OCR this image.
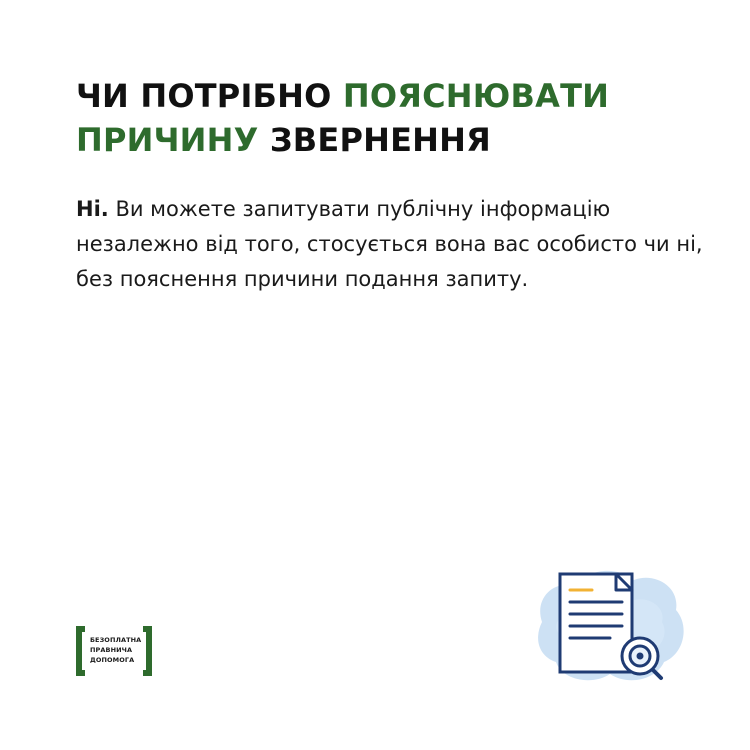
ЧИ ПОТРІБНО ПОЯСНЮВАТИ
ПРИЧИНУ ЗВЕРНЕННЯ

Ні. Ви можете запитувати публічну інформацію незалежно від того, стосується вона вас особисто чи ні, без пояснення причини подання запиту.

БЕЗОПЛАТНА
ПРАВНИЧА
ДОПОМОГА
